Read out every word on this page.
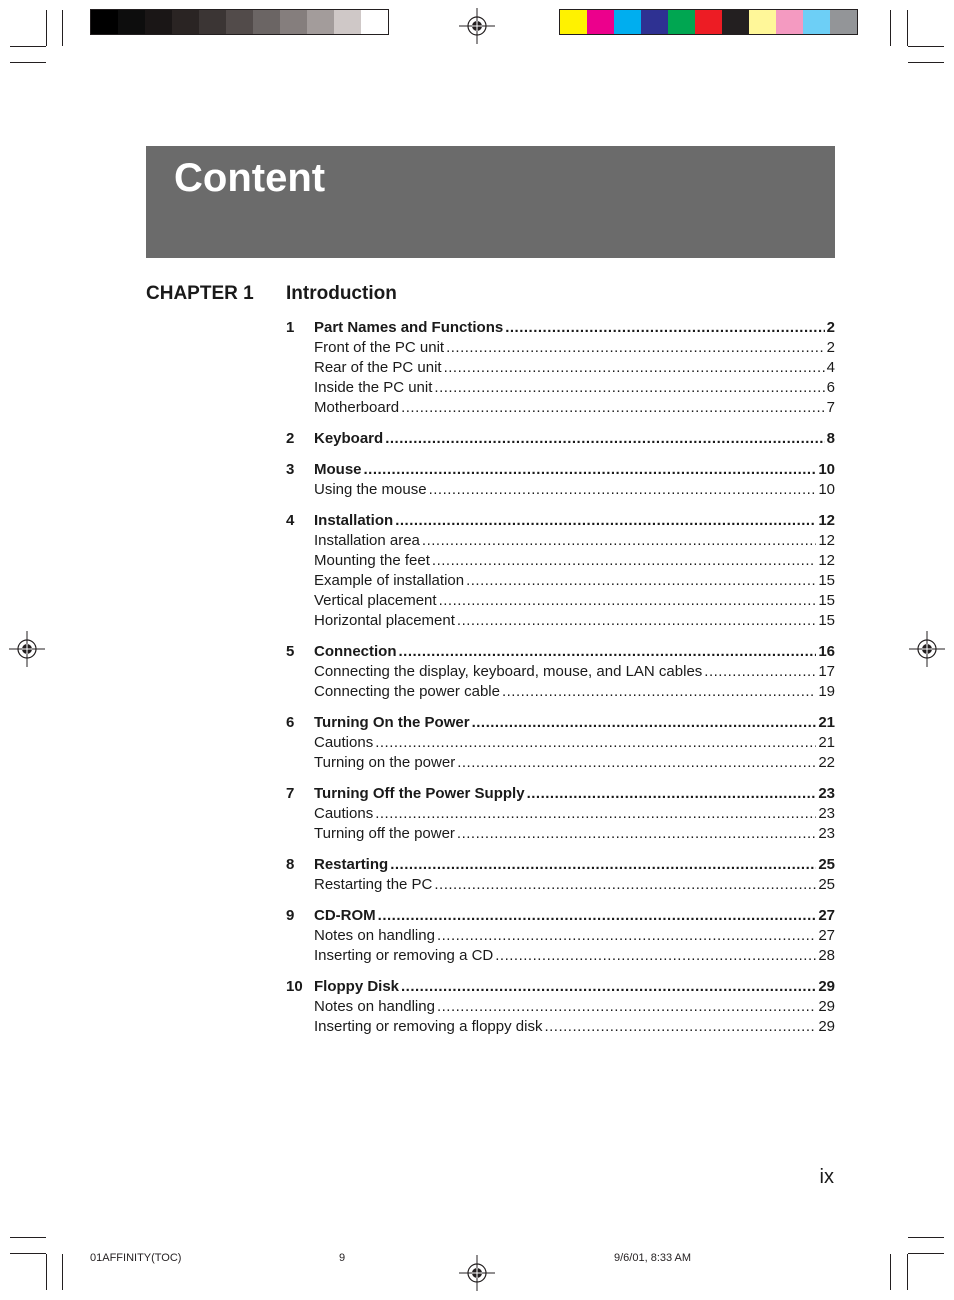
Content
CHAPTER 1 Introduction
1	Part Names and Functions .....	2
Front of the PC unit .....	2
Rear of the PC unit .....	4
Inside the PC unit .....	6
Motherboard .....	7
2	Keyboard .....	8
3	Mouse .....	10
Using the mouse .....	10
4	Installation .....	12
Installation area .....	12
Mounting the feet .....	12
Example of installation .....	15
Vertical placement .....	15
Horizontal placement .....	15
5	Connection .....	16
Connecting the display, keyboard, mouse, and LAN cables .....	17
Connecting the power cable .....	19
6	Turning On the Power .....	21
Cautions .....	21
Turning on the power .....	22
7	Turning Off the Power Supply .....	23
Cautions .....	23
Turning off the power .....	23
8	Restarting .....	25
Restarting the PC .....	25
9	CD-ROM .....	27
Notes on handling .....	27
Inserting or removing a CD .....	28
10 Floppy Disk .....	29
Notes on handling .....	29
Inserting or removing a floppy disk .....	29
ix
01AFFINITY(TOC)	9	9/6/01, 8:33 AM
